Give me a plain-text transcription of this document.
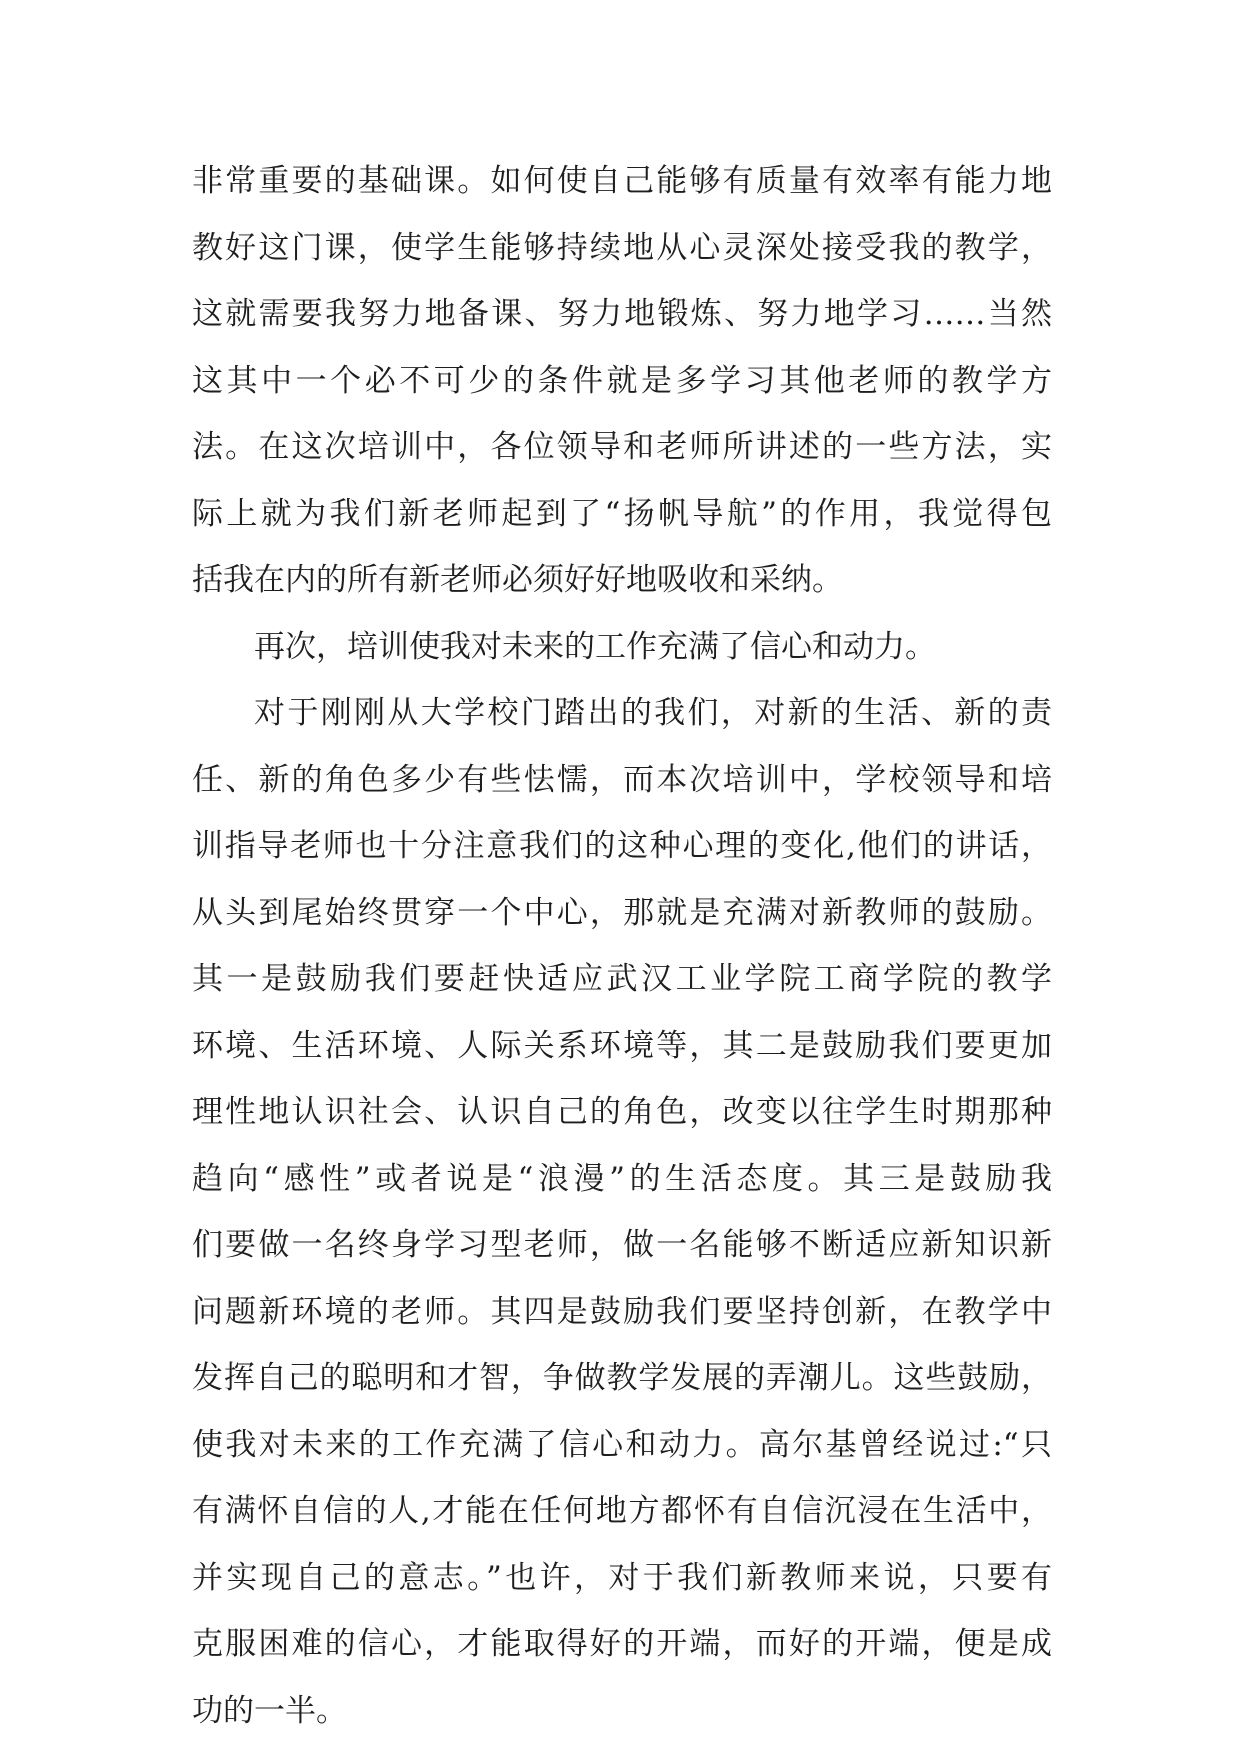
非常重要的基础课。如何使自己能够有质量有效率有能力地
教好这门课，使学生能够持续地从心灵深处接受我的教学，
这就需要我努力地备课、努力地锻炼、努力地学习……当然
这其中一个必不可少的条件就是多学习其他老师的教学方
法。在这次培训中，各位领导和老师所讲述的一些方法，实
际上就为我们新老师起到了“扬帆导航”的作用，我觉得包
括我在内的所有新老师必须好好地吸收和采纳。
再次，培训使我对未来的工作充满了信心和动力。
对于刚刚从大学校门踏出的我们，对新的生活、新的责
任、新的角色多少有些怯懦，而本次培训中，学校领导和培
训指导老师也十分注意我们的这种心理的变化,他们的讲话，
从头到尾始终贯穿一个中心，那就是充满对新教师的鼓励。
其一是鼓励我们要赶快适应武汉工业学院工商学院的教学
环境、生活环境、人际关系环境等，其二是鼓励我们要更加
理性地认识社会、认识自己的角色，改变以往学生时期那种
趋向“感性”或者说是“浪漫”的生活态度。其三是鼓励我
们要做一名终身学习型老师，做一名能够不断适应新知识新
问题新环境的老师。其四是鼓励我们要坚持创新，在教学中
发挥自己的聪明和才智，争做教学发展的弄潮儿。这些鼓励，
使我对未来的工作充满了信心和动力。高尔基曾经说过:“只
有满怀自信的人,才能在任何地方都怀有自信沉浸在生活中，
并实现自己的意志。”也许，对于我们新教师来说，只要有
克服困难的信心，才能取得好的开端，而好的开端，便是成
功的一半。
